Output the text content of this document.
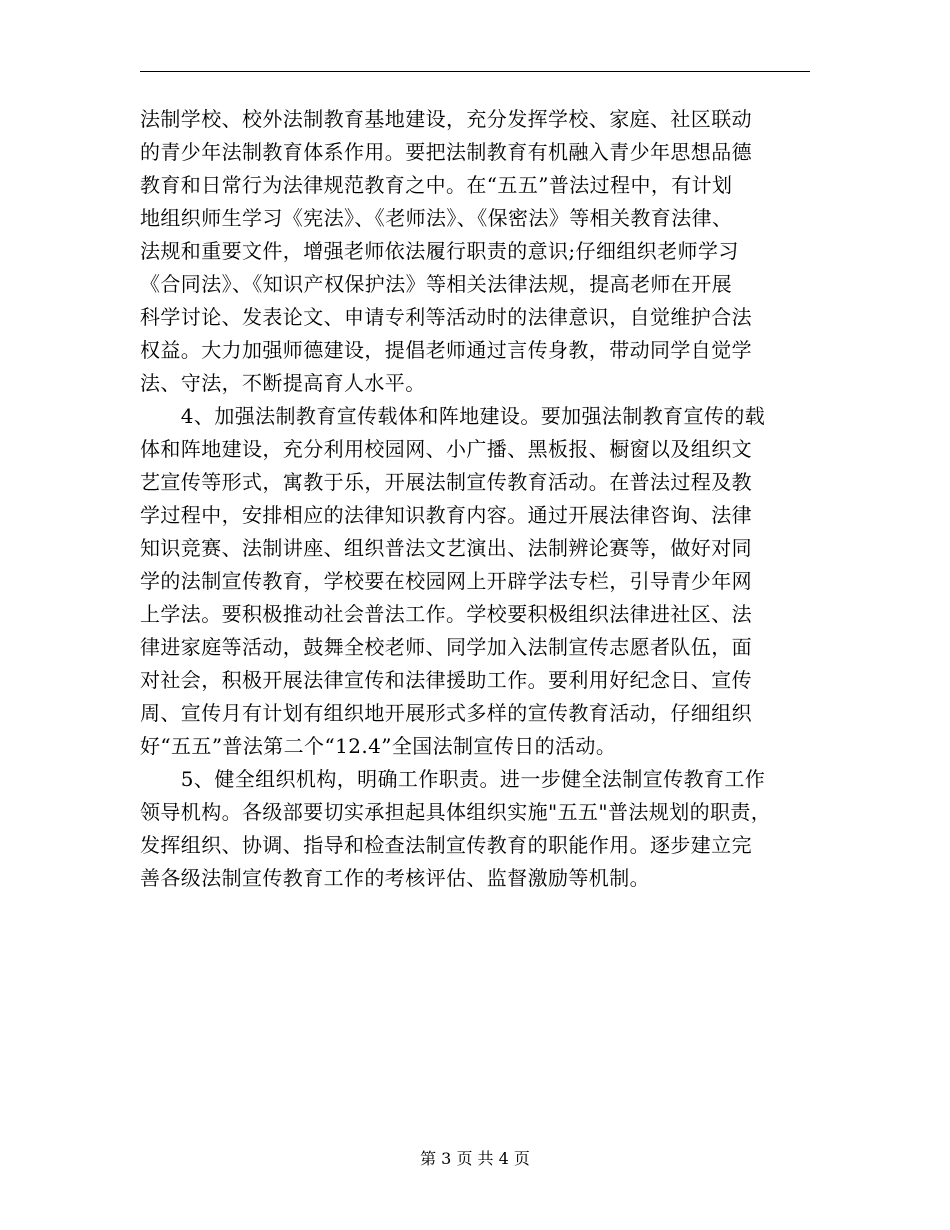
法制学校、校外法制教育基地建设，充分发挥学校、家庭、社区联动
的青少年法制教育体系作用。要把法制教育有机融入青少年思想品德
教育和日常行为法律规范教育之中。在“五五”普法过程中，有计划
地组织师生学习《宪法》、《老师法》、《保密法》等相关教育法律、
法规和重要文件，增强老师依法履行职责的意识;仔细组织老师学习
《合同法》、《知识产权保护法》等相关法律法规，提高老师在开展
科学讨论、发表论文、申请专利等活动时的法律意识，自觉维护合法
权益。大力加强师德建设，提倡老师通过言传身教，带动同学自觉学
法、守法，不断提高育人水平。
　　4、加强法制教育宣传载体和阵地建设。要加强法制教育宣传的载
体和阵地建设，充分利用校园网、小广播、黑板报、橱窗以及组织文
艺宣传等形式，寓教于乐，开展法制宣传教育活动。在普法过程及教
学过程中，安排相应的法律知识教育内容。通过开展法律咨询、法律
知识竞赛、法制讲座、组织普法文艺演出、法制辨论赛等，做好对同
学的法制宣传教育，学校要在校园网上开辟学法专栏，引导青少年网
上学法。要积极推动社会普法工作。学校要积极组织法律进社区、法
律进家庭等活动，鼓舞全校老师、同学加入法制宣传志愿者队伍，面
对社会，积极开展法律宣传和法律援助工作。要利用好纪念日、宣传
周、宣传月有计划有组织地开展形式多样的宣传教育活动，仔细组织
好“五五”普法第二个“12.4”全国法制宣传日的活动。
　　5、健全组织机构，明确工作职责。进一步健全法制宣传教育工作
领导机构。各级部要切实承担起具体组织实施"五五"普法规划的职责，
发挥组织、协调、指导和检查法制宣传教育的职能作用。逐步建立完
善各级法制宣传教育工作的考核评估、监督激励等机制。
第 3 页 共 4 页
